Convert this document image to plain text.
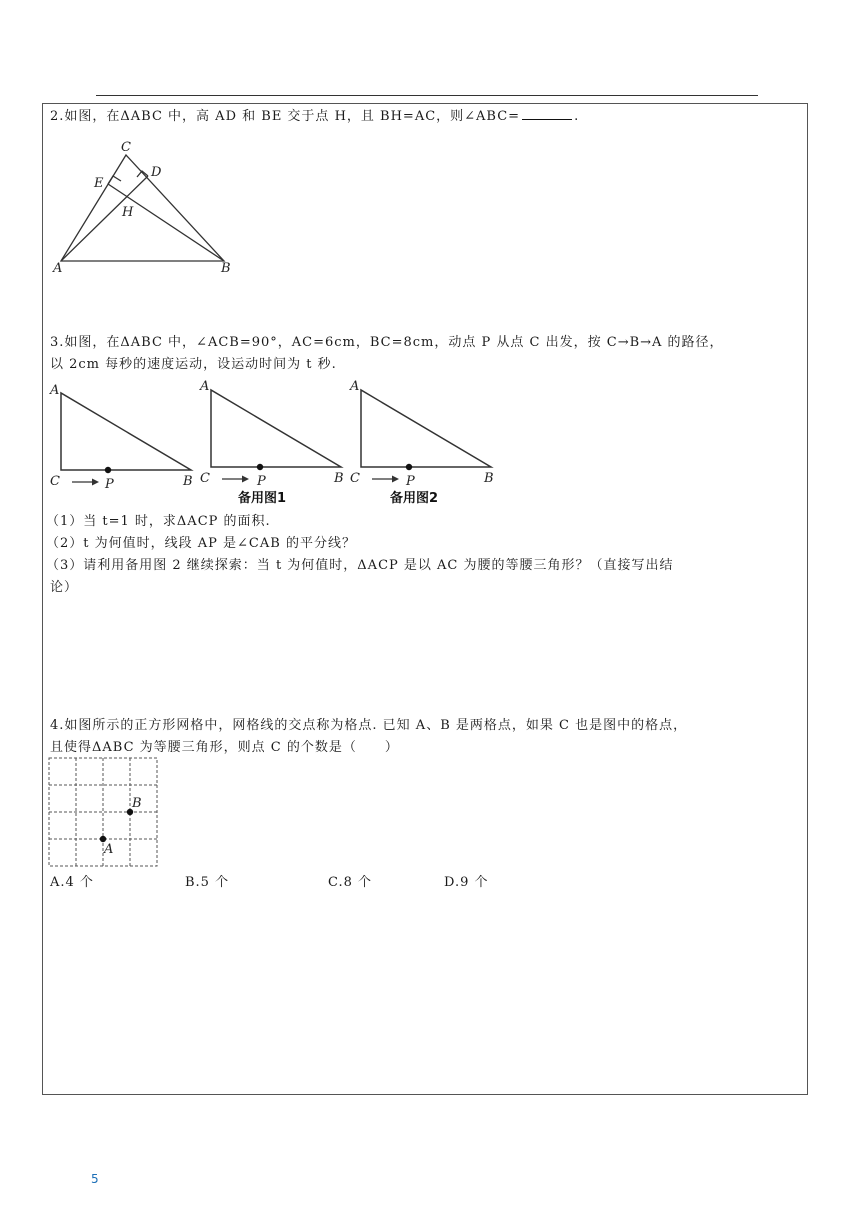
2.如图，在ΔABC 中，高 AD 和 BE 交于点 H，且 BH=AC，则∠ABC=	.
C
D
E
H
A	B
A
C	P	B
A
C	P	B
A
C	P	B
备用图1	备用图2
A
B
3.如图，在ΔABC 中，∠ACB=90°，AC=6cm，BC=8cm，动点 P 从点 C 出发，按 C→B→A 的路径，
以 2cm 每秒的速度运动，设运动时间为 t 秒.
（1）当 t=1 时，求ΔACP 的面积.
（2）t 为何值时，线段 AP 是∠CAB 的平分线？
（3）请利用备用图 2 继续探索：当 t 为何值时，ΔACP 是以 AC 为腰的等腰三角形？（直接写出结
论）
4.如图所示的正方形网格中，网格线的交点称为格点. 已知 A、B 是两格点，如果 C 也是图中的格点，
且使得ΔABC 为等腰三角形，则点 C 的个数是（　　）
A.4 个	B.5 个	C.8 个	D.9 个
5
